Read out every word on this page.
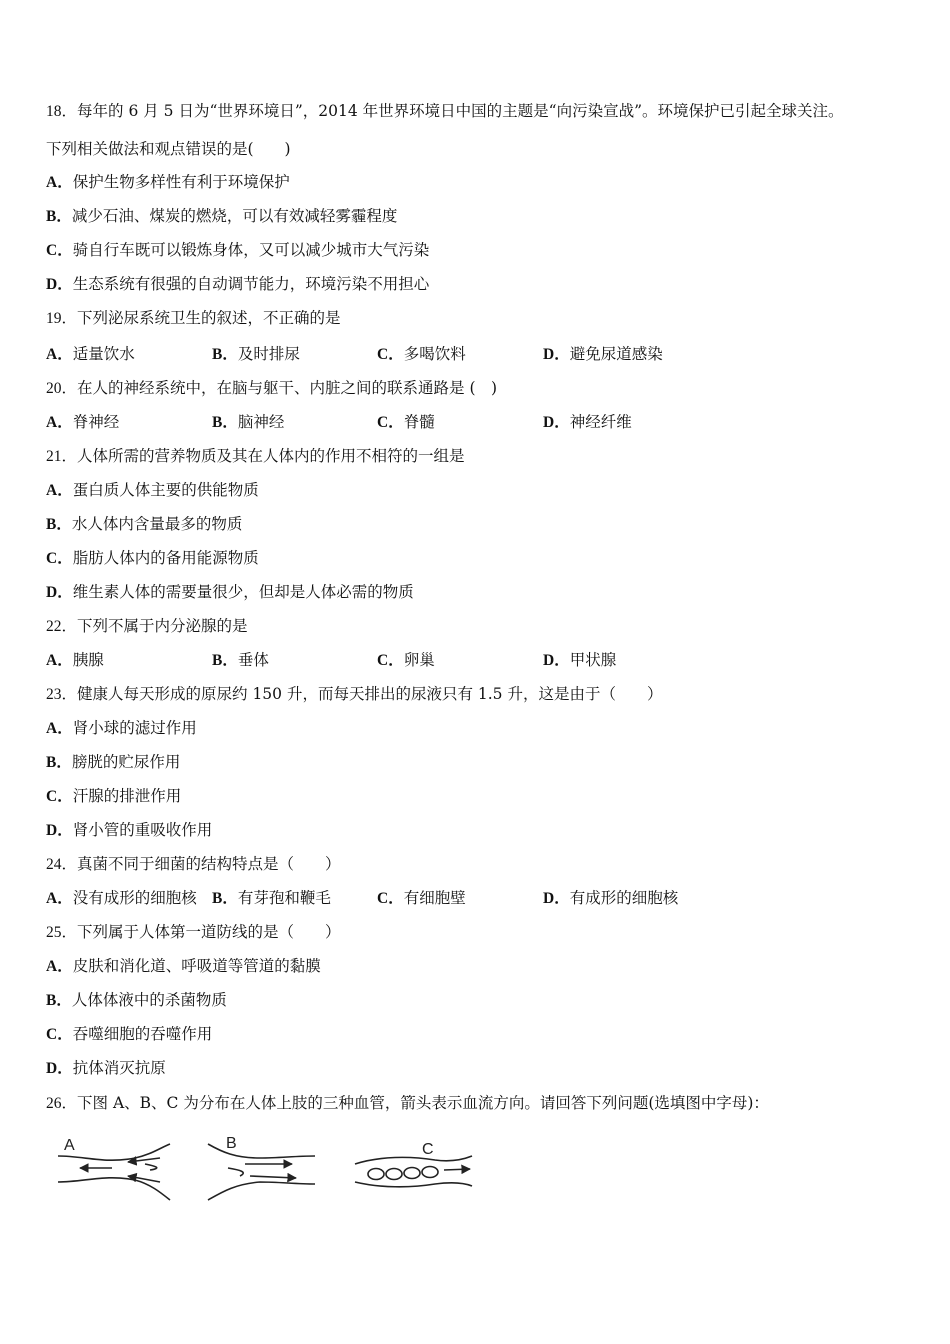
18．每年的 6 月 5 日为“世界环境日”，2014 年世界环境日中国的主题是“向污染宣战”。环境保护已引起全球关注。
下列相关做法和观点错误的是(　　)
A．保护生物多样性有利于环境保护
B．减少石油、煤炭的燃烧，可以有效减轻雾霾程度
C．骑自行车既可以锻炼身体，又可以减少城市大气污染
D．生态系统有很强的自动调节能力，环境污染不用担心
19．下列泌尿系统卫生的叙述，不正确的是
A．适量饮水	B．及时排尿	C．多喝饮料	D．避免尿道感染
20．在人的神经系统中，在脑与躯干、内脏之间的联系通路是 (　)
A．脊神经	B．脑神经	C．脊髓	D．神经纤维
21．人体所需的营养物质及其在人体内的作用不相符的一组是
A．蛋白质人体主要的供能物质
B．水人体内含量最多的物质
C．脂肪人体内的备用能源物质
D．维生素人体的需要量很少，但却是人体必需的物质
22．下列不属于内分泌腺的是
A．胰腺	B．垂体	C．卵巢	D．甲状腺
23．健康人每天形成的原尿约 150 升，而每天排出的尿液只有 1.5 升，这是由于（　　）
A．肾小球的滤过作用
B．膀胱的贮尿作用
C．汗腺的排泄作用
D．肾小管的重吸收作用
24．真菌不同于细菌的结构特点是（　　）
A．没有成形的细胞核 B．有芽孢和鞭毛	C．有细胞壁	D．有成形的细胞核
25．下列属于人体第一道防线的是（　　）
A．皮肤和消化道、呼吸道等管道的黏膜
B．人体体液中的杀菌物质
C．吞噬细胞的吞噬作用
D．抗体消灭抗原
26．下图 A、B、C 为分布在人体上肢的三种血管，箭头表示血流方向。请回答下列问题(选填图中字母)：
A	B	C
